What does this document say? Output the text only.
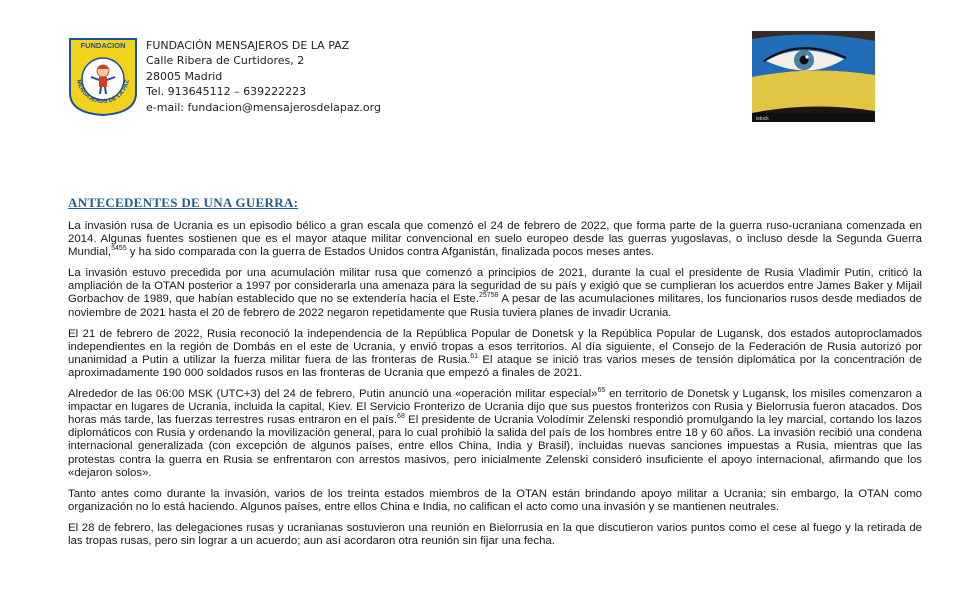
FUNDACION
MENSAJEROS DE LA PAZ
FUNDACIÓN MENSAJEROS DE LA PAZ
Calle Ribera de Curtidores, 2
28005 Madrid
Tel. 913645112 – 639222223
e-mail: fundacion@mensajerosdelapaz.org
istock
ANTECEDENTES DE UNA GUERRA:

La invasión rusa de Ucrania es un episodio bélico a gran escala que comenzó el 24 de febrero de 2022, que forma parte de la guerra ruso-ucraniana comenzada en 2014. Algunas fuentes sostienen que es el mayor ataque militar convencional en suelo europeo desde las guerras yugoslavas, o incluso desde la Segunda Guerra Mundial,$^{5455}$ y ha sido comparada con la guerra de Estados Unidos contra Afganistán, finalizada pocos meses antes.

La invasión estuvo precedida por una acumulación militar rusa que comenzó a principios de 2021, durante la cual el presidente de Rusia Vladimir Putin, criticó la ampliación de la OTAN posterior a 1997 por considerarla una amenaza para la seguridad de su país y exigió que se cumplieran los acuerdos entre James Baker y Mijail Gorbachov de 1989, que habían establecido que no se extendería hacia el Este.$^{25758}$ A pesar de las acumulaciones militares, los funcionarios rusos desde mediados de noviembre de 2021 hasta el 20 de febrero de 2022 negaron repetidamente que Rusia tuviera planes de invadir Ucrania.

El 21 de febrero de 2022, Rusia reconoció la independencia de la República Popular de Donetsk y la República Popular de Lugansk, dos estados autoproclamados independientes en la región de Dombás en el este de Ucrania, y envió tropas a esos territorios. Al día siguiente, el Consejo de la Federación de Rusia autorizó por unanimidad a Putin a utilizar la fuerza militar fuera de las fronteras de Rusia.$^{61}$ El ataque se inició tras varios meses de tensión diplomática por la concentración de aproximadamente 190 000 soldados rusos en las fronteras de Ucrania que empezó a finales de 2021.

Alrededor de las 06:00 MSK (UTC+3) del 24 de febrero, Putin anunció una «operación militar especial»$^{65}$ en territorio de Donetsk y Lugansk, los misiles comenzaron a impactar en lugares de Ucrania, incluida la capital, Kiev. El Servicio Fronterizo de Ucrania dijo que sus puestos fronterizos con Rusia y Bielorrusia fueron atacados. Dos horas más tarde, las fuerzas terrestres rusas entraron en el país.$^{68}$ El presidente de Ucrania Volodímir Zelenski respondió promulgando la ley marcial, cortando los lazos diplomáticos con Rusia y ordenando la movilización general, para lo cual prohibió la salida del país de los hombres entre 18 y 60 años. La invasión recibió una condena internacional generalizada (con excepción de algunos países, entre ellos China, India y Brasil), incluidas nuevas sanciones impuestas a Rusia, mientras que las protestas contra la guerra en Rusia se enfrentaron con arrestos masivos, pero inicialmente Zelenski consideró insuficiente el apoyo internacional, afirmando que los «dejaron solos».

Tanto antes como durante la invasión, varios de los treinta estados miembros de la OTAN están brindando apoyo militar a Ucrania; sin embargo, la OTAN como organización no lo está haciendo. Algunos países, entre ellos China e India, no califican el acto como una invasión y se mantienen neutrales.

El 28 de febrero, las delegaciones rusas y ucranianas sostuvieron una reunión en Bielorrusia en la que discutieron varios puntos como el cese al fuego y la retirada de las tropas rusas, pero sin lograr a un acuerdo; aun así acordaron otra reunión sin fijar una fecha.
